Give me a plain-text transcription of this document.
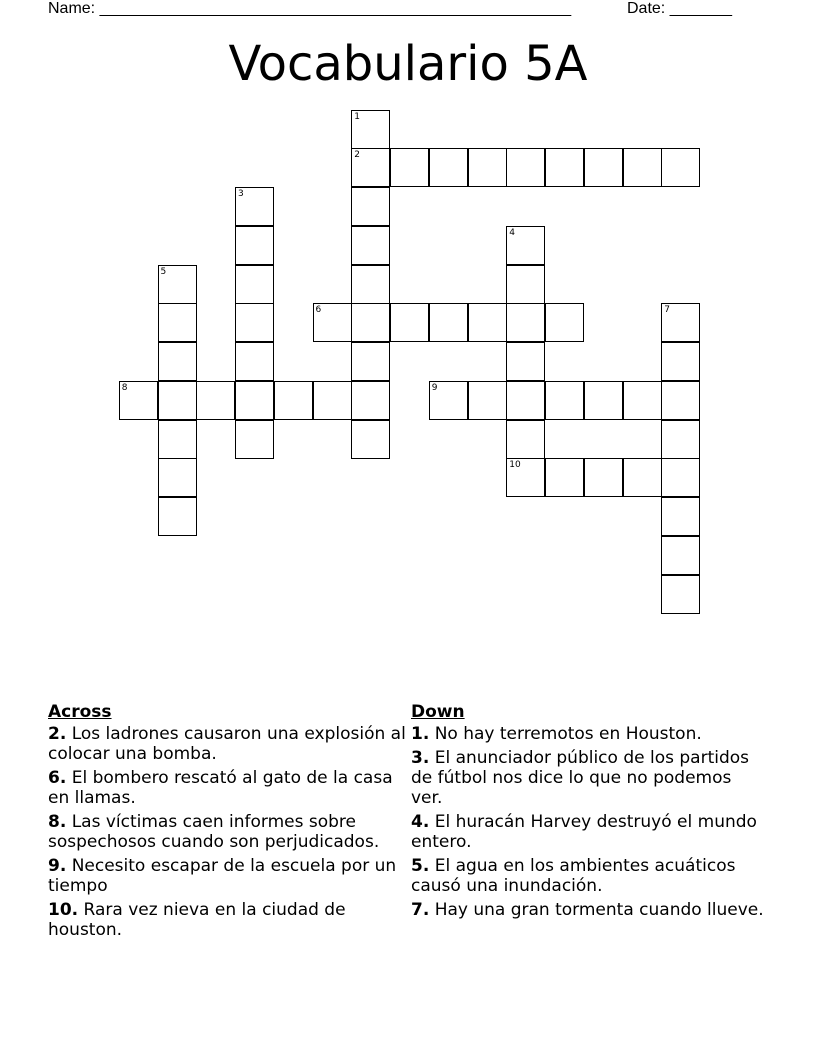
Name: _____________________________________________________	Date: _______
Vocabulario 5A
1
2
3
4
5
6	7
8	9
10
Across
2. Los ladrones causaron una explosión al colocar una bomba.
6. El bombero rescató al gato de la casa en llamas.
8. Las víctimas caen informes sobre sospechosos cuando son perjudicados.
9. Necesito escapar de la escuela por un tiempo
10. Rara vez nieva en la ciudad de houston.
Down
1. No hay terremotos en Houston.
3. El anunciador público de los partidos de fútbol nos dice lo que no podemos ver.
4. El huracán Harvey destruyó el mundo entero.
5. El agua en los ambientes acuáticos causó una inundación.
7. Hay una gran tormenta cuando llueve.
